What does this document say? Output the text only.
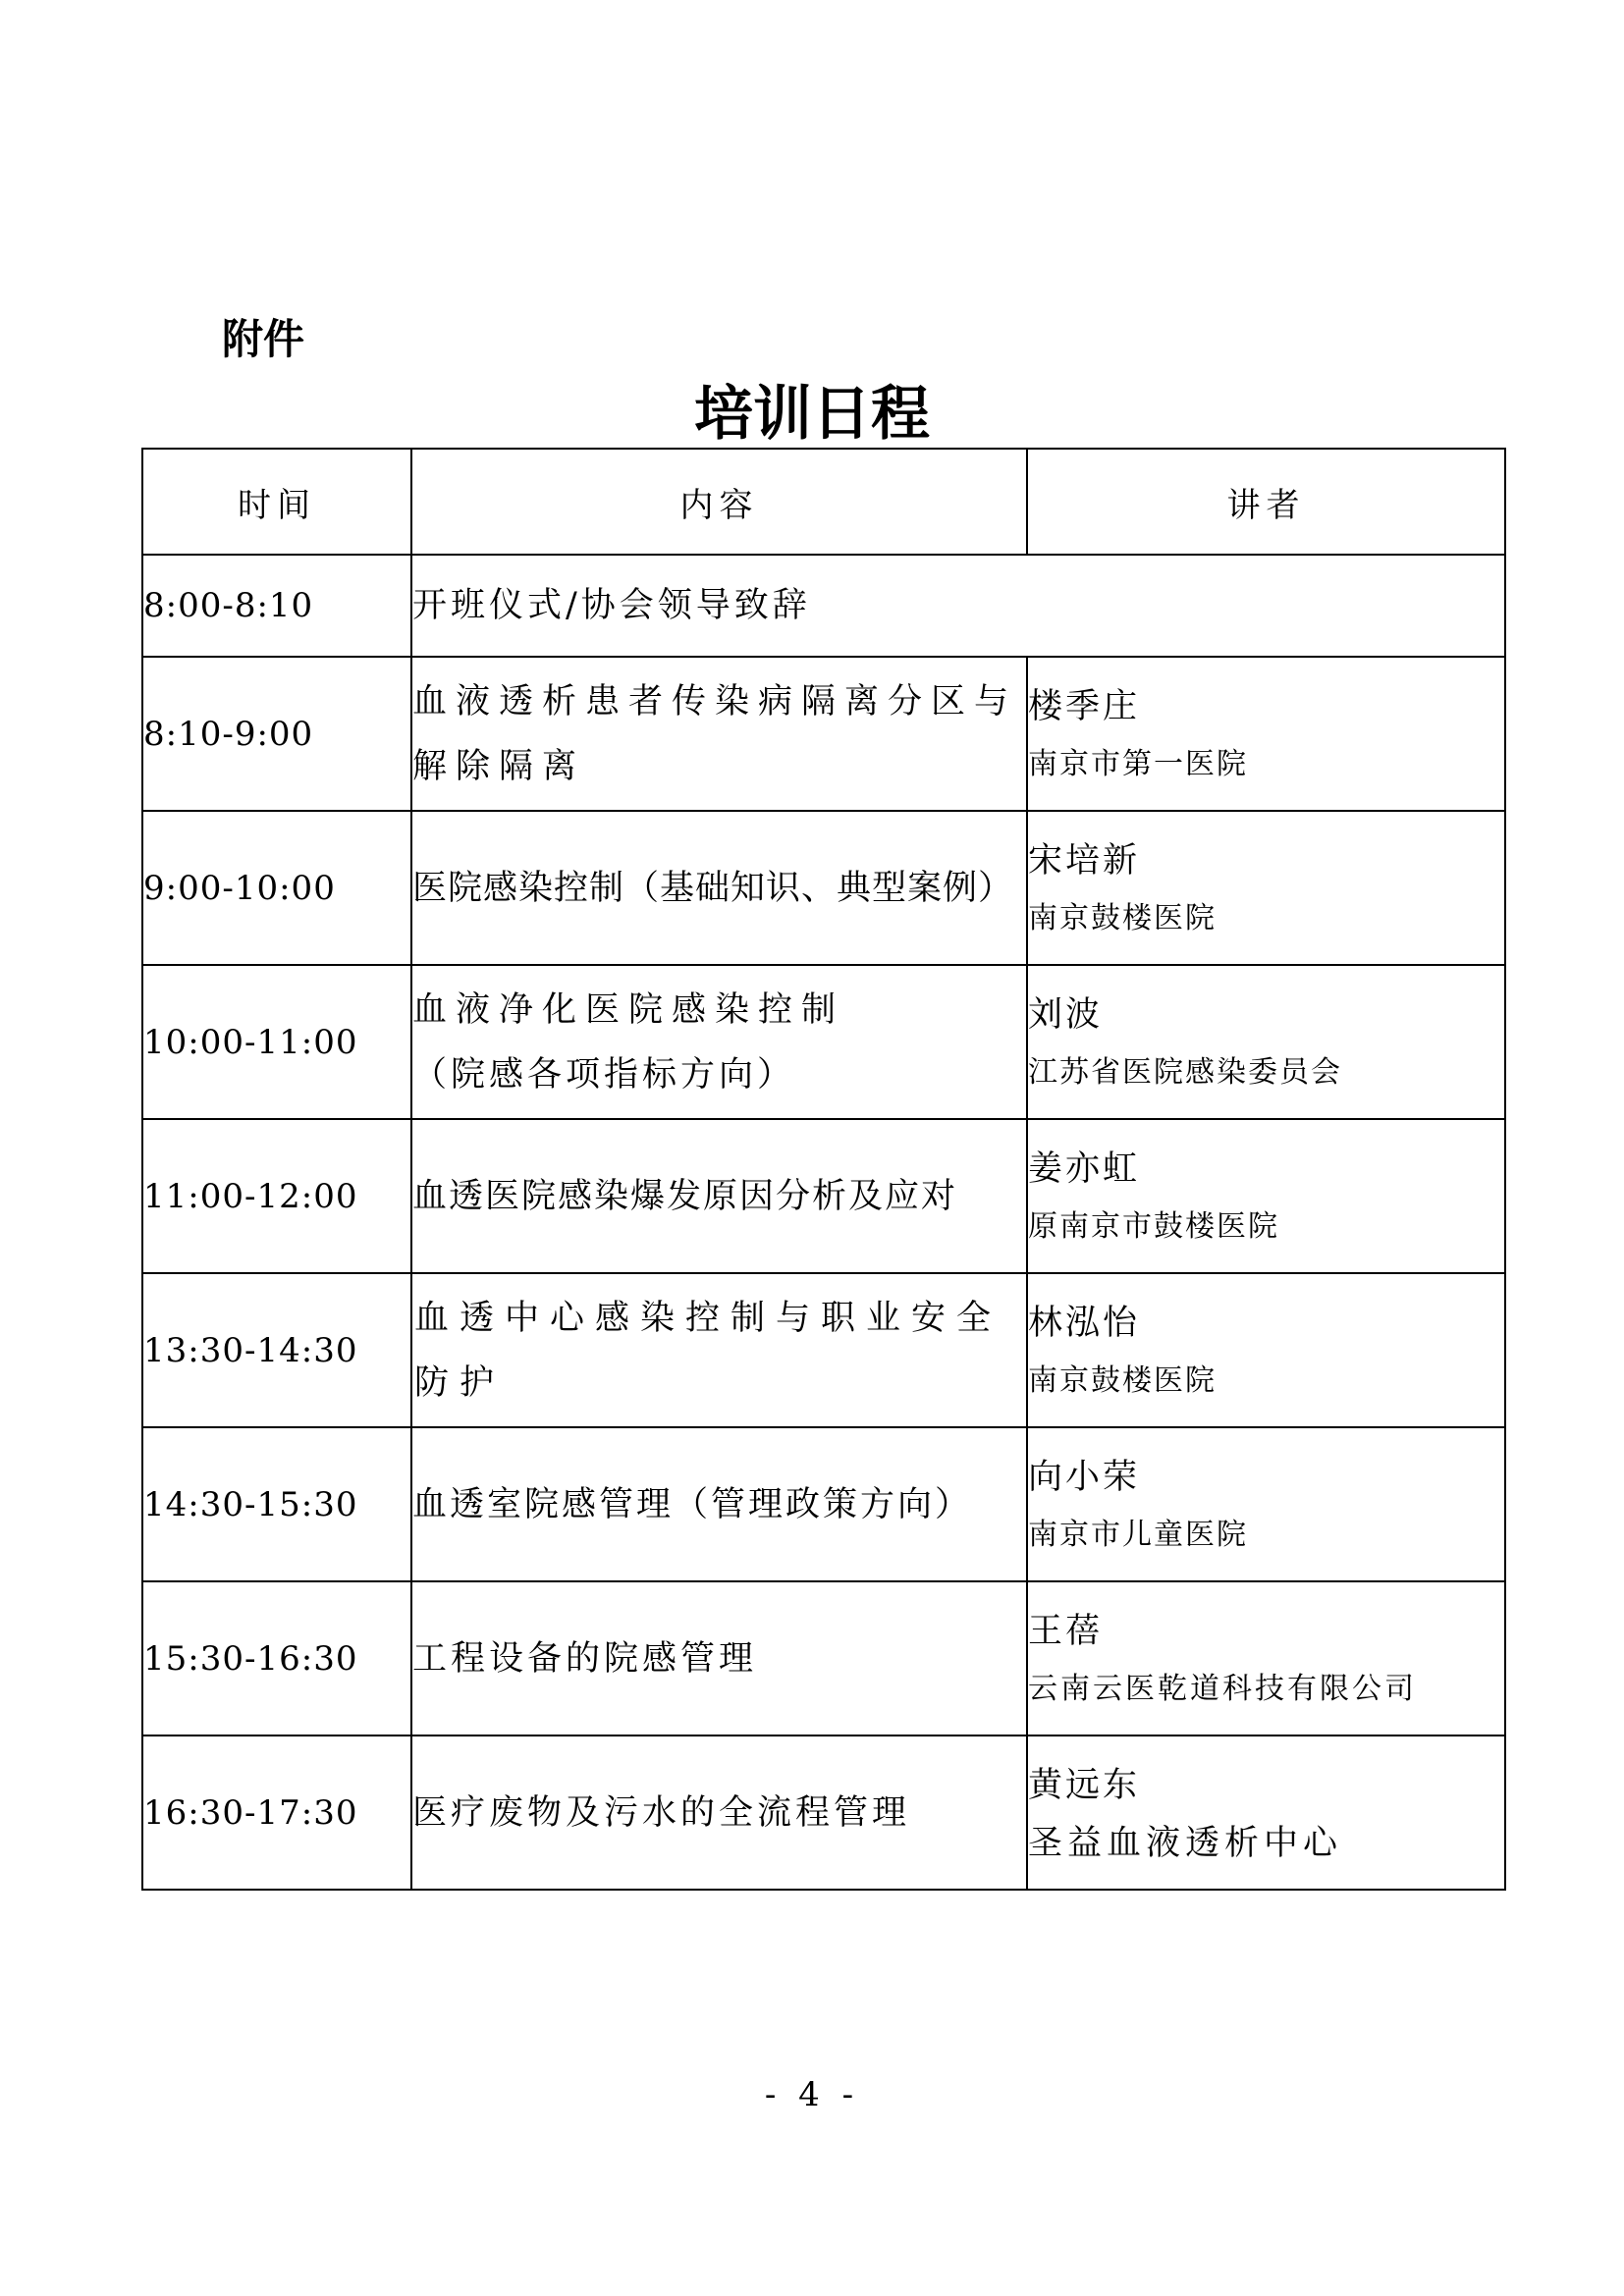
附件
培训日程
时间	内容	讲者
8:00-8:10	开班仪式/协会领导致辞	
8:10-9:00	血液透析患者传染病隔离分区与解除隔离	楼季庄
南京市第一医院

9:00-10:00	医院感染控制（基础知识、典型案例）	宋培新
南京鼓楼医院

10:00-11:00	血液净化医院感染控制
（院感各项指标方向）	刘波
江苏省医院感染委员会

11:00-12:00	血透医院感染爆发原因分析及应对	姜亦虹
原南京市鼓楼医院

13:30-14:30	血透中心感染控制与职业安全防护	林泓怡
南京鼓楼医院

14:30-15:30	血透室院感管理（管理政策方向）	向小荣
南京市儿童医院

15:30-16:30	工程设备的院感管理	王蓓
云南云医乾道科技有限公司

16:30-17:30	医疗废物及污水的全流程管理	黄远东
圣益血液透析中心
- 4 -
